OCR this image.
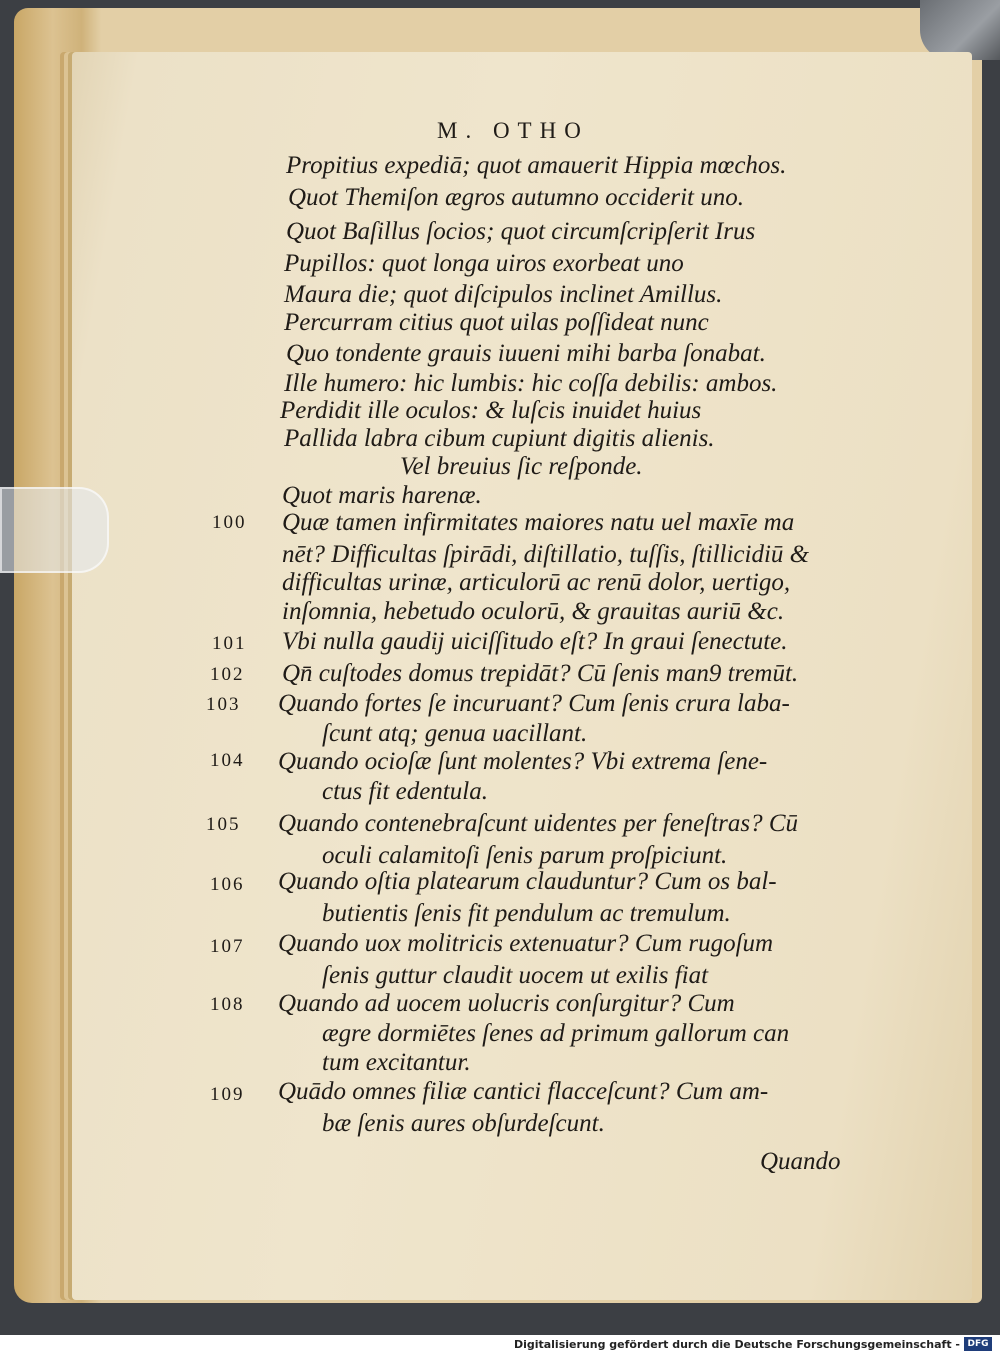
M. OTHO
Propitius expediā; quot amauerit Hippia mœchos.
Quot Themiſon ægros autumno occiderit uno.
Quot Baſillus ſocios; quot circumſcripſerit Irus
Pupillos: quot longa uiros exorbeat uno
Maura die; quot diſcipulos inclinet Amillus.
Percurram citius quot uilas poſſideat nunc
Quo tondente grauis iuueni mihi barba ſonabat.
Ille humero: hic lumbis: hic coſſa debilis: ambos.
Perdidit ille oculos: & luſcis inuidet huius
Pallida labra cibum cupiunt digitis alienis.
Vel breuius ſic reſponde.
Quot maris harenæ.
100 Quæ tamen infirmitates maiores natu uel maxīe ma
nēt? Difficultas ſpirādi, diſtillatio, tuſſis, ſtillicidiū &
difficultas urinæ, articulorū ac renū dolor, uertigo,
inſomnia, hebetudo oculorū, & grauitas auriū &c.
101 Vbi nulla gaudij uiciſſitudo eſt? In graui ſenectute.
102 Qn̄ cuſtodes domus trepidāt? Cū ſenis man9 tremūt.
103 Quando fortes ſe incuruant? Cum ſenis crura laba-
ſcunt atq; genua uacillant.
104 Quando ocioſæ ſunt molentes? Vbi extrema ſene-
ctus fit edentula.
105 Quando contenebraſcunt uidentes per feneſtras? Cū
oculi calamitoſi ſenis parum proſpiciunt.
106 Quando oſtia platearum clauduntur? Cum os bal-
butientis ſenis fit pendulum ac tremulum.
107 Quando uox molitricis extenuatur? Cum rugoſum
ſenis guttur claudit uocem ut exilis fiat
108 Quando ad uocem uolucris conſurgitur? Cum
ægre dormiētes ſenes ad primum gallorum can
tum excitantur.
109 Quādo omnes filiæ cantici flacceſcunt? Cum am-
bæ ſenis aures obſurdeſcunt.
Quando
Digitalisierung gefördert durch die Deutsche Forschungsgemeinschaft - DFG
